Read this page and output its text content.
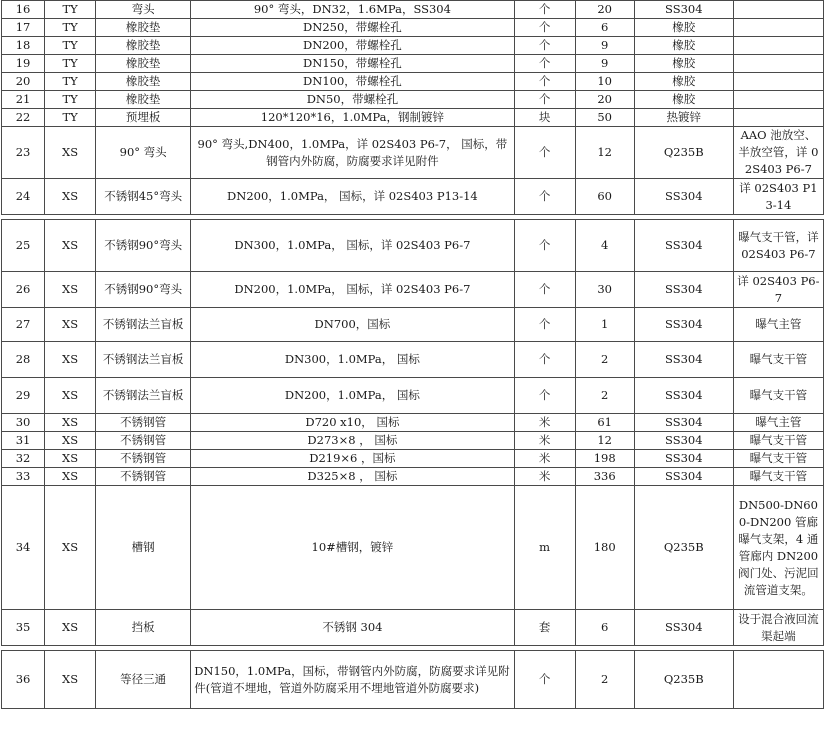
16	TY	弯头	90° 弯头，DN32，1.6MPa，SS304	个	20	SS304	
17	TY	橡胶垫	DN250，带螺栓孔	个	6	橡胶	
18	TY	橡胶垫	DN200，带螺栓孔	个	9	橡胶	
19	TY	橡胶垫	DN150，带螺栓孔	个	9	橡胶	
20	TY	橡胶垫	DN100，带螺栓孔	个	10	橡胶	
21	TY	橡胶垫	DN50，带螺栓孔	个	20	橡胶	
22	TY	预埋板	120*120*16，1.0MPa，钢制镀锌	块	50	热镀锌	
23	XS	90° 弯头	90° 弯头,DN400，1.0MPa，详 02S403 P6-7， 国标，带钢管内外防腐，防腐要求详见附件	个	12	Q235B	AAO 池放空、半放空管，详 02S403 P6-7
24	XS	不锈钢45°弯头	DN200，1.0MPa， 国标，详 02S403 P13-14	个	60	SS304	详 02S403 P13-14

25	XS	不锈钢90°弯头	DN300，1.0MPa， 国标，详 02S403 P6-7	个	4	SS304	曝气支干管，详 02S403 P6-7
26	XS	不锈钢90°弯头	DN200，1.0MPa， 国标，详 02S403 P6-7	个	30	SS304	详 02S403 P6-7
27	XS	不锈钢法兰盲板	DN700，国标	个	1	SS304	曝气主管
28	XS	不锈钢法兰盲板	DN300，1.0MPa， 国标	个	2	SS304	曝气支干管
29	XS	不锈钢法兰盲板	DN200，1.0MPa， 国标	个	2	SS304	曝气支干管
30	XS	不锈钢管	D720 x10， 国标	米	61	SS304	曝气主管
31	XS	不锈钢管	D273×8 ， 国标	米	12	SS304	曝气支干管
32	XS	不锈钢管	D219×6 ，国标	米	198	SS304	曝气支干管
33	XS	不锈钢管	D325×8 ， 国标	米	336	SS304	曝气支干管
34	XS	槽钢	10#槽钢，镀锌	m	180	Q235B	DN500-DN600-DN200 管廊曝气支架，4 通管廊内 DN200 阀门处、污泥回流管道支架。
35	XS	挡板	不锈钢 304	套	6	SS304	设于混合液回流渠起端

36	XS	等径三通	DN150，1.0MPa，国标，带钢管内外防腐，防腐要求详见附件(管道不埋地，管道外防腐采用不埋地管道外防腐要求)	个	2	Q235B	
